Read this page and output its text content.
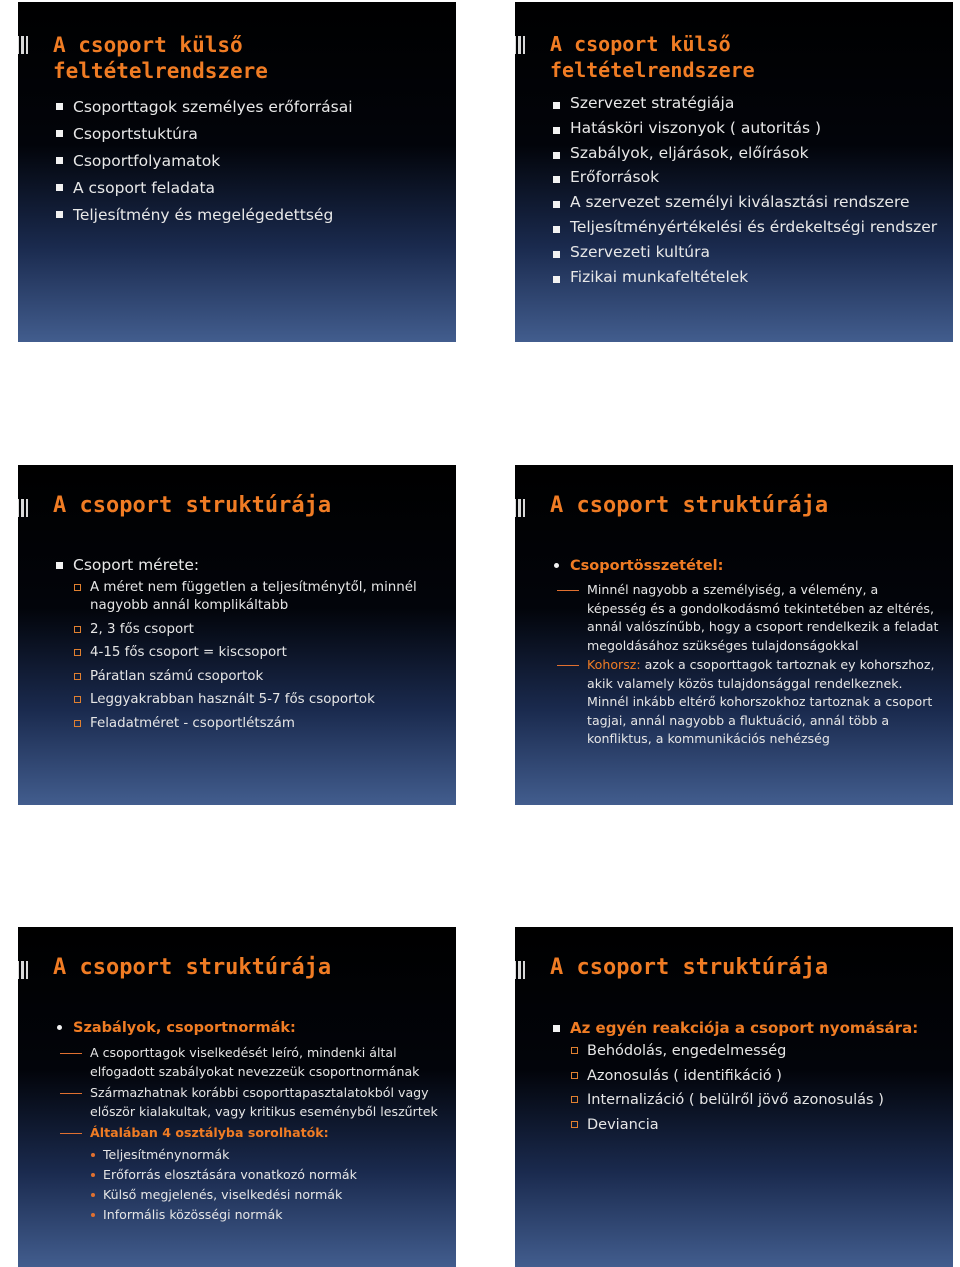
A csoport külső feltételrendszere
Csoporttagok személyes erőforrásai
Csoportstuktúra
Csoportfolyamatok
A csoport feladata
Teljesítmény és megelégedettség
A csoport külső feltételrendszere
Szervezet stratégiája
Hatásköri viszonyok ( autoritás )
Szabályok, eljárások, előírások
Erőforrások
A szervezet személyi kiválasztási rendszere
Teljesítményértékelési és érdekeltségi rendszer
Szervezeti kultúra
Fizikai munkafeltételek
A csoport struktúrája
Csoport mérete:
A méret nem független a teljesítménytől, minnél nagyobb annál komplikáltabb
2, 3 fős csoport
4-15 fős csoport = kiscsoport
Páratlan számú csoportok
Leggyakrabban használt 5-7 fős csoportok
Feladatméret - csoportlétszám
A csoport struktúrája
Csoportösszetétel:
Minnél nagyobb a személyiség, a vélemény, a képesség és a gondolkodásmó tekintetében az eltérés, annál valószínűbb, hogy a csoport rendelkezik a feladat megoldásához szükséges tulajdonságokkal
Kohorsz: azok a csoporttagok tartoznak ey kohorszhoz, akik valamely közös tulajdonsággal rendelkeznek. Minnél inkább eltérő kohorszokhoz tartoznak a csoport tagjai, annál nagyobb a fluktuáció, annál több a konfliktus, a kommunikációs nehézség
A csoport struktúrája
Szabályok, csoportnormák:
A csoporttagok viselkedését leíró, mindenki által elfogadott szabályokat nevezzeük csoportnormának
Származhatnak korábbi csoporttapasztalatokból vagy először kialakultak, vagy kritikus eseményből leszűrtek
Általában 4 osztályba sorolhatók:
Teljesítménynormák
Erőforrás elosztására vonatkozó normák
Külső megjelenés, viselkedési normák
Informális közösségi normák
A csoport struktúrája
Az egyén reakciója a csoport nyomására:
Behódolás, engedelmesség
Azonosulás ( identifikáció )
Internalizáció ( belülről jövő azonosulás )
Deviancia
